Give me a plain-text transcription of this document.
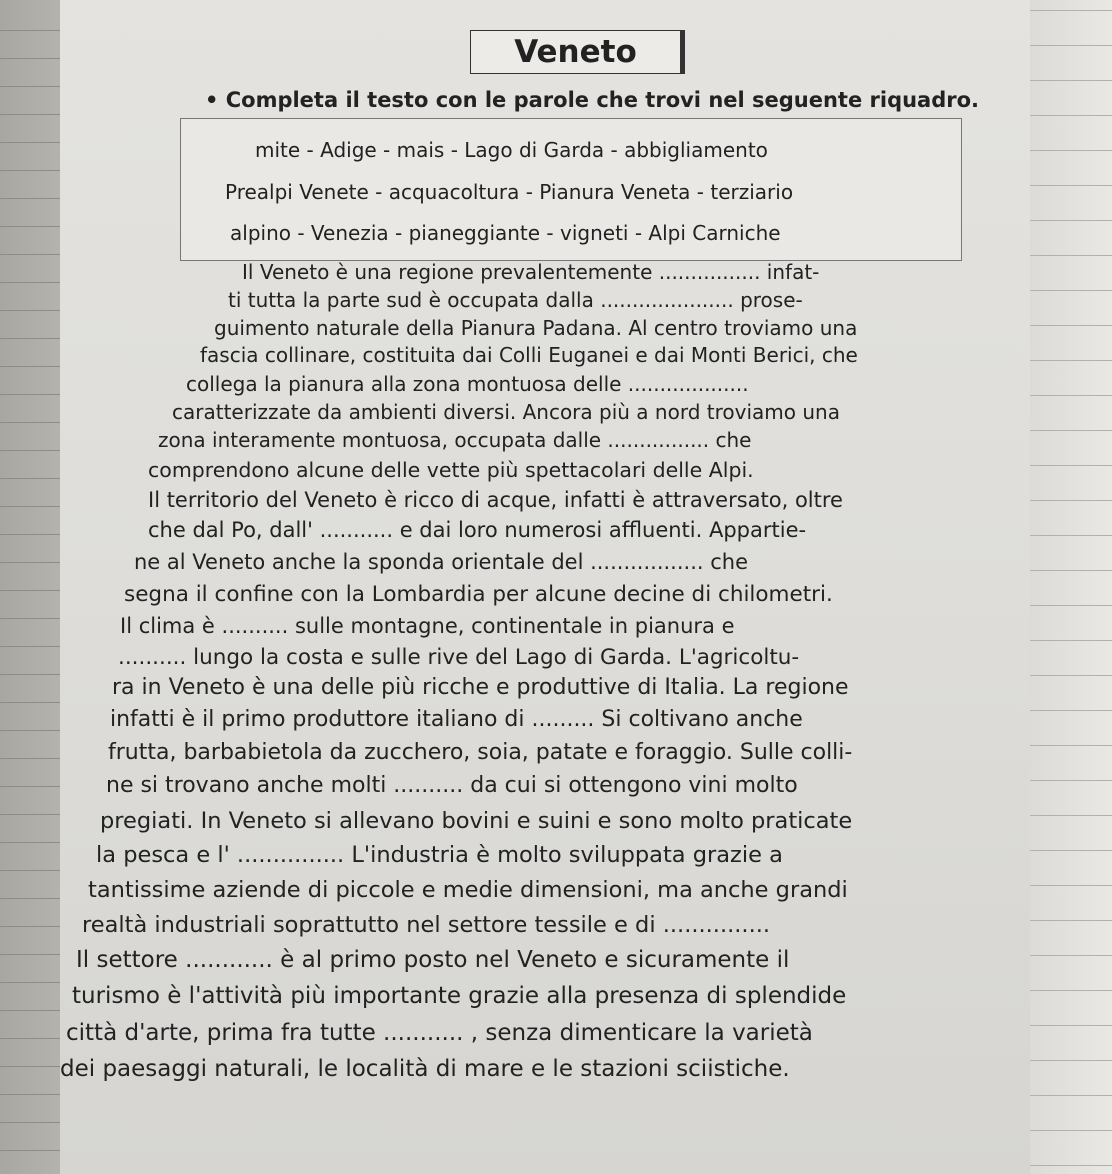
Veneto
• Completa il testo con le parole che trovi nel seguente riquadro.
mite - Adige - mais - Lago di Garda - abbigliamento
Prealpi Venete - acquacoltura - Pianura Veneta - terziario
alpino - Venezia - pianeggiante - vigneti - Alpi Carniche
Il Veneto è una regione prevalentemente ................ infat-
ti tutta la parte sud è occupata dalla ..................... prose-
guimento naturale della Pianura Padana. Al centro troviamo una
fascia collinare, costituita dai Colli Euganei e dai Monti Berici, che
collega la pianura alla zona montuosa delle ...................
caratterizzate da ambienti diversi. Ancora più a nord troviamo una
zona interamente montuosa, occupata dalle ................ che
comprendono alcune delle vette più spettacolari delle Alpi.
Il territorio del Veneto è ricco di acque, infatti è attraversato, oltre
che dal Po, dall' ........... e dai loro numerosi affluenti. Appartie-
ne al Veneto anche la sponda orientale del ................. che
segna il confine con la Lombardia per alcune decine di chilometri.
Il clima è .......... sulle montagne, continentale in pianura e
.......... lungo la costa e sulle rive del Lago di Garda. L'agricoltu-
ra in Veneto è una delle più ricche e produttive di Italia. La regione
infatti è il primo produttore italiano di ......... Si coltivano anche
frutta, barbabietola da zucchero, soia, patate e foraggio. Sulle colli-
ne si trovano anche molti .......... da cui si ottengono vini molto
pregiati. In Veneto si allevano bovini e suini e sono molto praticate
la pesca e l' ............... L'industria è molto sviluppata grazie a
tantissime aziende di piccole e medie dimensioni, ma anche grandi
realtà industriali soprattutto nel settore tessile e di ...............
Il settore ............ è al primo posto nel Veneto e sicuramente il
turismo è l'attività più importante grazie alla presenza di splendide
città d'arte, prima fra tutte ........... , senza dimenticare la varietà
dei paesaggi naturali, le località di mare e le stazioni sciistiche.
